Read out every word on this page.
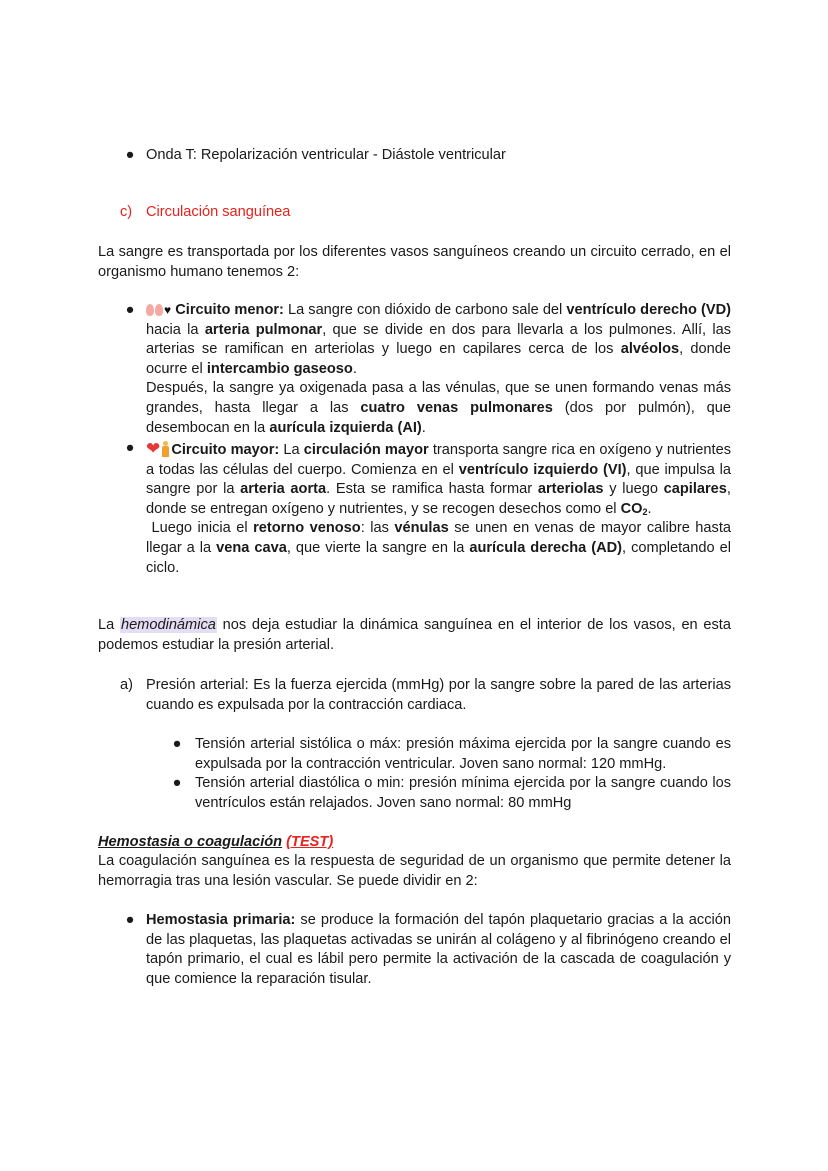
● Onda T: Repolarización ventricular - Diástole ventricular
c) Circulación sanguínea

La sangre es transportada por los diferentes vasos sanguíneos creando un circuito cerrado, en el organismo humano tenemos 2:

●	♥ Circuito menor: La sangre con dióxido de carbono sale del ventrículo derecho (VD) hacia la arteria pulmonar, que se divide en dos para llevarla a los pulmones. Allí, las arterias se ramifican en arteriolas y luego en capilares cerca de los alvéolos, donde ocurre el intercambio gaseoso.
Después, la sangre ya oxigenada pasa a las vénulas, que se unen formando venas más grandes, hasta llegar a las cuatro venas pulmonares (dos por pulmón), que desembocan en la aurícula izquierda (AI).
● ❤ Circuito mayor: La circulación mayor transporta sangre rica en oxígeno y nutrientes a todas las células del cuerpo. Comienza en el ventrículo izquierdo (VI), que impulsa la sangre por la arteria aorta. Esta se ramifica hasta formar arteriolas y luego capilares, donde se entregan oxígeno y nutrientes, y se recogen desechos como el $CO_2$.
Luego inicia el retorno venoso: las vénulas se unen en venas de mayor calibre hasta llegar a la vena cava, que vierte la sangre en la aurícula derecha (AD), completando el ciclo.

La hemodinámica nos deja estudiar la dinámica sanguínea en el interior de los vasos, en esta podemos estudiar la presión arterial.

a) Presión arterial: Es la fuerza ejercida (mmHg) por la sangre sobre la pared de las arterias cuando es expulsada por la contracción cardiaca.
● Tensión arterial sistólica o máx: presión máxima ejercida por la sangre cuando es expulsada por la contracción ventricular. Joven sano normal: 120 mmHg.
● Tensión arterial diastólica o min: presión mínima ejercida por la sangre cuando los ventrículos están relajados. Joven sano normal: 80 mmHg
Hemostasia o coagulación (TEST)

La coagulación sanguínea es la respuesta de seguridad de un organismo que permite detener la hemorragia tras una lesión vascular. Se puede dividir en 2:

● Hemostasia primaria: se produce la formación del tapón plaquetario gracias a la acción de las plaquetas, las plaquetas activadas se unirán al colágeno y al fibrinógeno creando el tapón primario, el cual es lábil pero permite la activación de la cascada de coagulación y que comience la reparación tisular.
